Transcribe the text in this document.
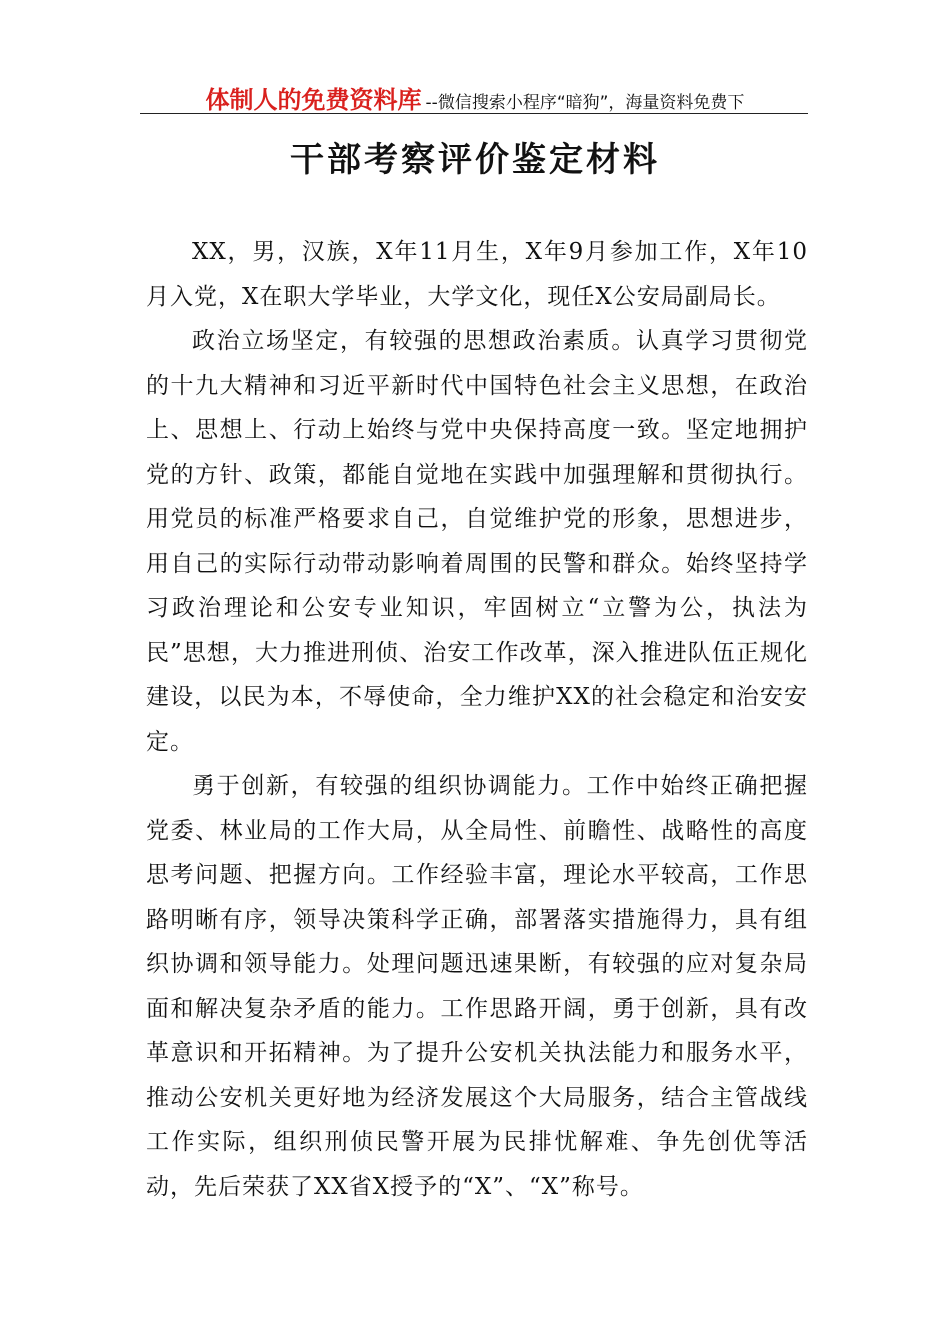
体制人的免费资料库 --微信搜索小程序“暗狗”，海量资料免费下
干部考察评价鉴定材料

XX，男，汉族，X年11月生，X年9月参加工作，X年10月入党，X在职大学毕业，大学文化，现任X公安局副局长。

政治立场坚定，有较强的思想政治素质。认真学习贯彻党的十九大精神和习近平新时代中国特色社会主义思想，在政治上、思想上、行动上始终与党中央保持高度一致。坚定地拥护党的方针、政策，都能自觉地在实践中加强理解和贯彻执行。用党员的标准严格要求自己，自觉维护党的形象，思想进步，用自己的实际行动带动影响着周围的民警和群众。始终坚持学习政治理论和公安专业知识，牢固树立“立警为公，执法为民”思想，大力推进刑侦、治安工作改革，深入推进队伍正规化建设，以民为本，不辱使命，全力维护XX的社会稳定和治安安定。

勇于创新，有较强的组织协调能力。工作中始终正确把握党委、林业局的工作大局，从全局性、前瞻性、战略性的高度思考问题、把握方向。工作经验丰富，理论水平较高，工作思路明晰有序，领导决策科学正确，部署落实措施得力，具有组织协调和领导能力。处理问题迅速果断，有较强的应对复杂局面和解决复杂矛盾的能力。工作思路开阔，勇于创新，具有改革意识和开拓精神。为了提升公安机关执法能力和服务水平，推动公安机关更好地为经济发展这个大局服务，结合主管战线工作实际，组织刑侦民警开展为民排忧解难、争先创优等活动，先后荣获了XX省X授予的“X”、“X”称号。
